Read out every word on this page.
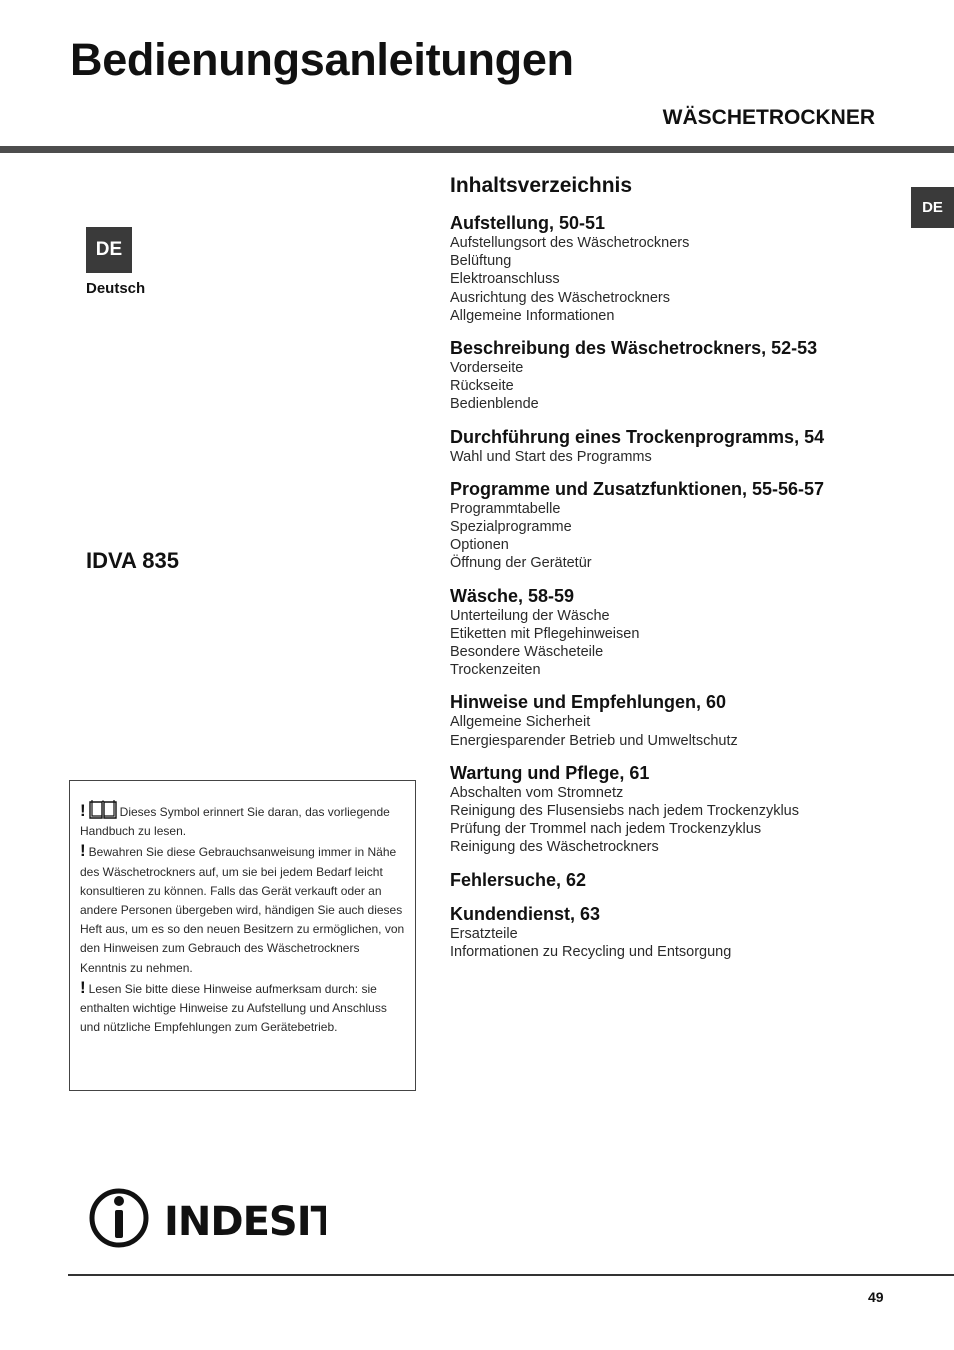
Bedienungsanleitungen
WÄSCHETROCKNER
DE
Deutsch
DE
IDVA 835
Inhaltsverzeichnis
Aufstellung, 50-51
Aufstellungsort des Wäschetrockners
Belüftung
Elektroanschluss
Ausrichtung des Wäschetrockners
Allgemeine Informationen
Beschreibung des Wäschetrockners, 52-53
Vorderseite
Rückseite
Bedienblende
Durchführung eines Trockenprogramms, 54
Wahl und Start des Programms
Programme und Zusatzfunktionen, 55-56-57
Programmtabelle
Spezialprogramme
Optionen
Öffnung der Gerätetür
Wäsche, 58-59
Unterteilung der Wäsche
Etiketten mit Pflegehinweisen
Besondere Wäscheteile
Trockenzeiten
Hinweise und Empfehlungen, 60
Allgemeine Sicherheit
Energiesparender Betrieb und Umweltschutz
Wartung und Pflege, 61
Abschalten vom Stromnetz
Reinigung des Flusensiebs nach jedem Trockenzyklus
Prüfung der Trommel nach jedem Trockenzyklus
Reinigung des Wäschetrockners
Fehlersuche, 62
Kundendienst, 63
Ersatzteile
Informationen zu Recycling und Entsorgung

!	Dieses Symbol erinnert Sie daran, das vorliegende Handbuch zu lesen.

! Bewahren Sie diese Gebrauchsanweisung immer in Nähe des Wäschetrockners auf, um sie bei jedem Bedarf leicht konsultieren zu können. Falls das Gerät verkauft oder an andere Personen übergeben wird, händigen Sie auch dieses Heft aus, um es so den neuen Besitzern zu ermöglichen, von den Hinweisen zum Gebrauch des Wäschetrockners Kenntnis zu nehmen.

! Lesen Sie bitte diese Hinweise aufmerksam durch: sie enthalten wichtige Hinweise zu Aufstellung und Anschluss und nützliche Empfehlungen zum Gerätebetrieb.

INDESIT
49
